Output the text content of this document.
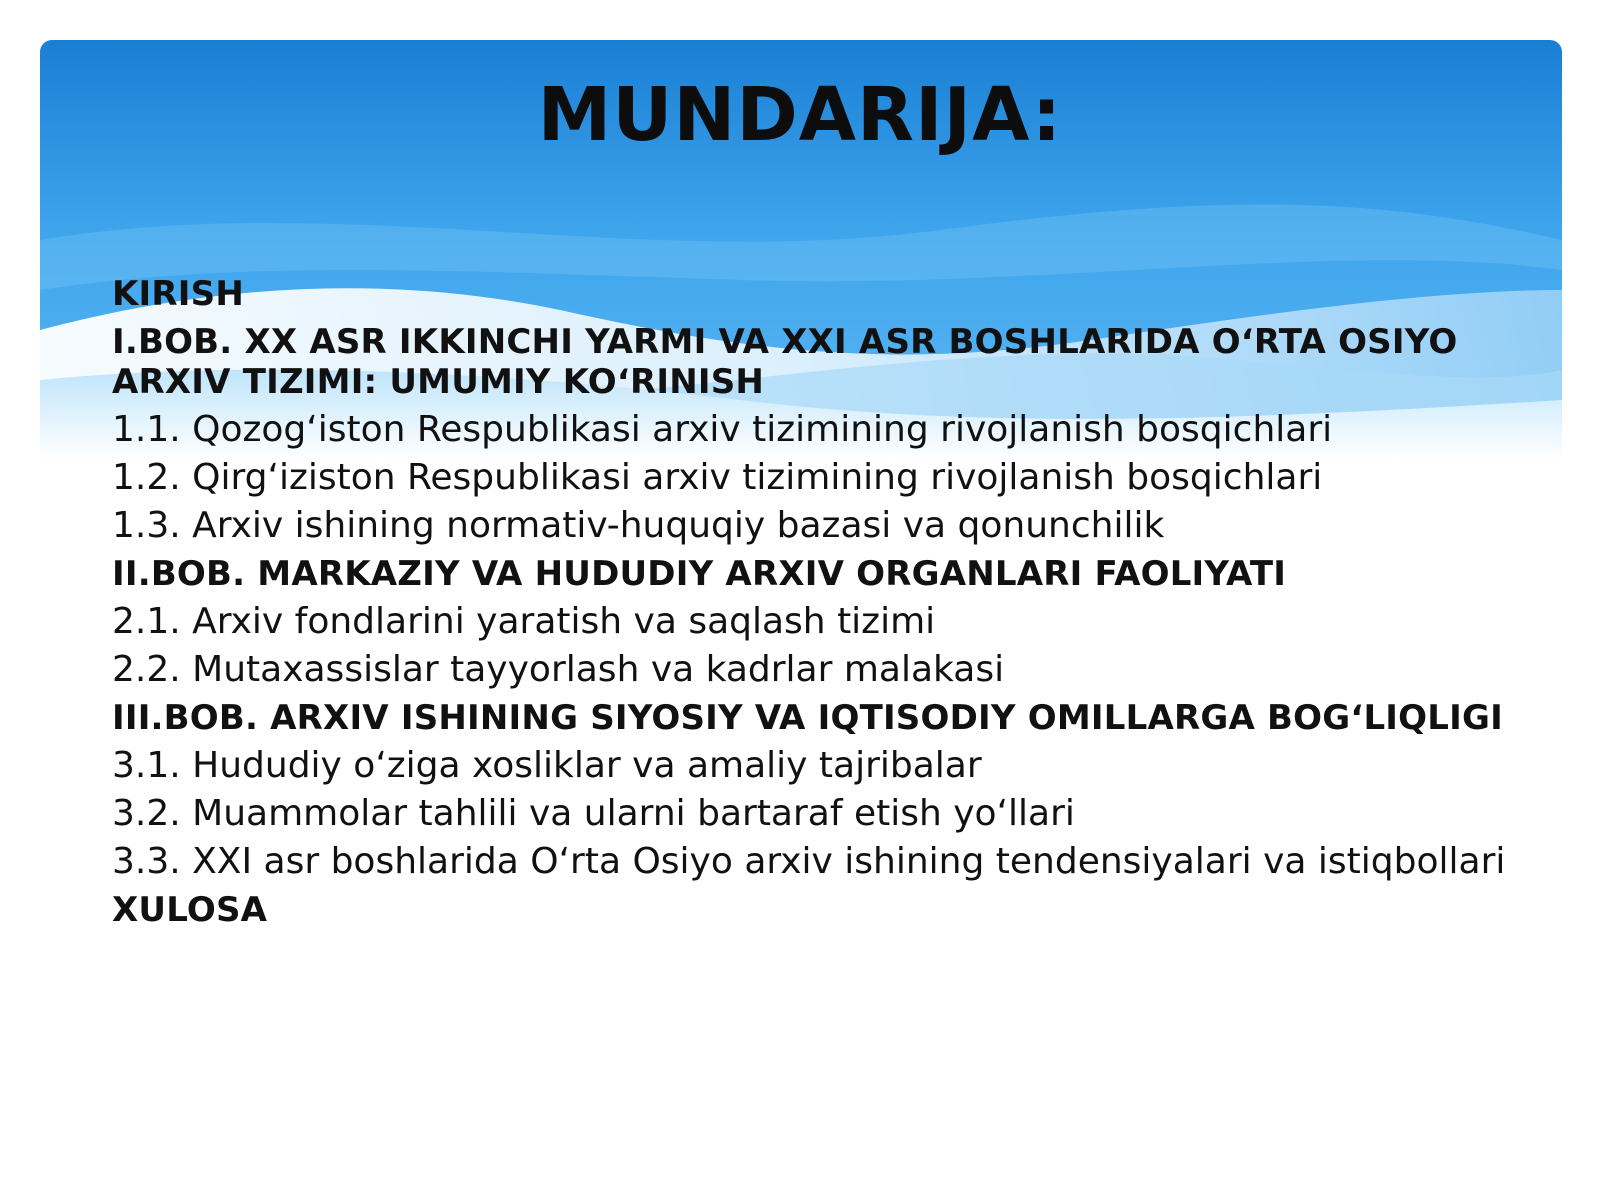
MUNDARIJA:
KIRISH
I.BOB. XX ASR IKKINCHI YARMI VA XXI ASR BOSHLARIDA O‘RTA OSIYO ARXIV TIZIMI: UMUMIY KO‘RINISH
1.1. Qozog‘iston Respublikasi arxiv tizimining rivojlanish bosqichlari
1.2. Qirg‘iziston Respublikasi arxiv tizimining rivojlanish bosqichlari
1.3. Arxiv ishining normativ-huquqiy bazasi va qonunchilik
II.BOB. MARKAZIY VA HUDUDIY ARXIV ORGANLARI FAOLIYATI
2.1. Arxiv fondlarini yaratish va saqlash tizimi
2.2. Mutaxassislar tayyorlash va kadrlar malakasi
III.BOB. ARXIV ISHINING SIYOSIY VA IQTISODIY OMILLARGA BOG‘LIQLIGI
3.1. Hududiy o‘ziga xosliklar va amaliy tajribalar
3.2. Muammolar tahlili va ularni bartaraf etish yo‘llari
3.3. XXI asr boshlarida O‘rta Osiyo arxiv ishining tendensiyalari va istiqbollari
XULOSA
